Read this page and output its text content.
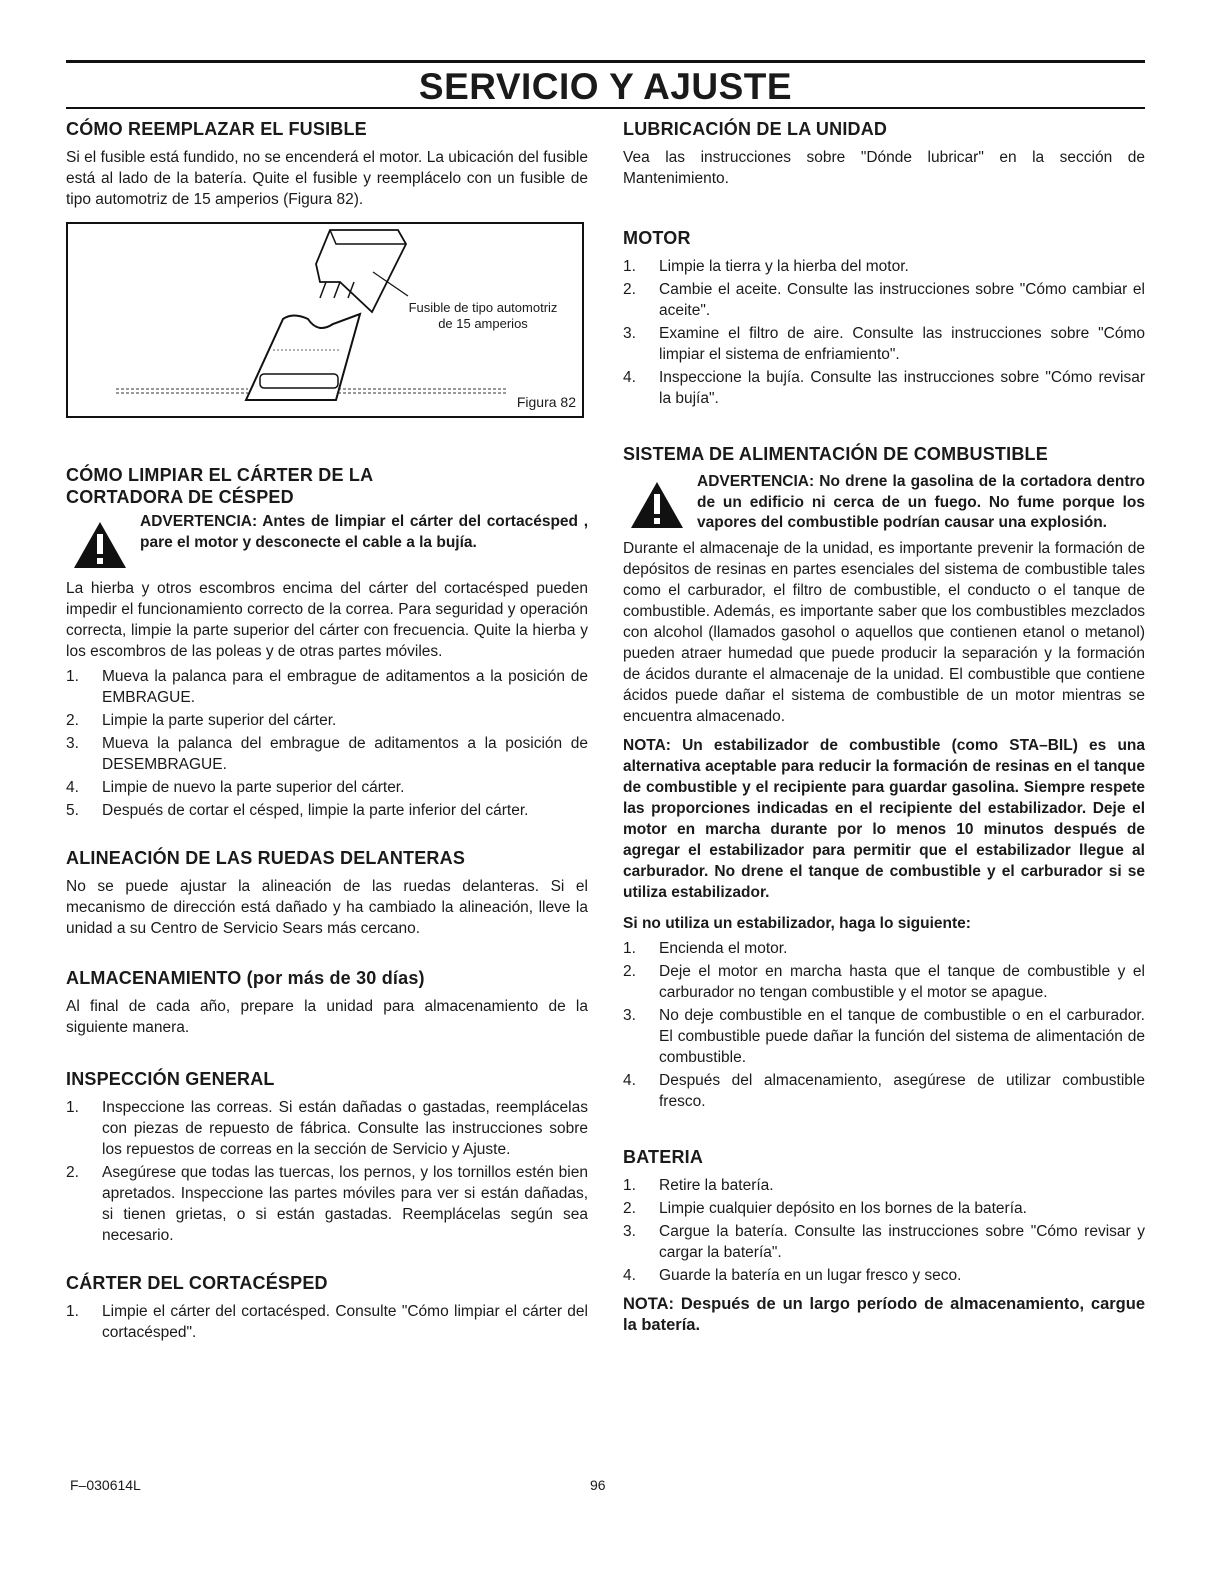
SERVICIO Y AJUSTE
CÓMO REEMPLAZAR EL FUSIBLE

Si el fusible está fundido, no se encenderá el motor. La ubicación del fusible está al lado de la batería. Quite el fusible y reemplácelo con un fusible de tipo automotriz de 15 amperios (Figura 82).

Fusible de tipo automotriz
de 15 amperios
Figura 82
CÓMO LIMPIAR EL CÁRTER DE LA
CORTADORA DE CÉSPED

ADVERTENCIA: Antes de limpiar el cárter del cortacésped , pare el motor y desconecte el cable a la bujía.

La hierba y otros escombros encima del cárter del cortacésped pueden impedir el funcionamiento correcto de la correa. Para seguridad y operación correcta, limpie la parte superior del cárter con frecuencia. Quite la hierba y los escombros de las poleas y de otras partes móviles.

1. Mueva la palanca para el embrague de aditamentos a la posición de EMBRAGUE.
2. Limpie la parte superior del cárter.
3. Mueva la palanca del embrague de aditamentos a la posición de DESEMBRAGUE.
4. Limpie de nuevo la parte superior del cárter.
5. Después de cortar el césped, limpie la parte inferior del cárter.
ALINEACIÓN DE LAS RUEDAS DELANTERAS

No se puede ajustar la alineación de las ruedas delanteras. Si el mecanismo de dirección está dañado y ha cambiado la alineación, lleve la unidad a su Centro de Servicio Sears más cercano.

ALMACENAMIENTO (por más de 30 días)

Al final de cada año, prepare la unidad para almacenamiento de la siguiente manera.

INSPECCIÓN GENERAL
1. Inspeccione las correas. Si están dañadas o gastadas, reemplácelas con piezas de repuesto de fábrica. Consulte las instrucciones sobre los repuestos de correas en la sección de Servicio y Ajuste.
2. Asegúrese que todas las tuercas, los pernos, y los tornillos estén bien apretados. Inspeccione las partes móviles para ver si están dañadas, si tienen grietas, o si están gastadas. Reemplácelas según sea necesario.
CÁRTER DEL CORTACÉSPED
1. Limpie el cárter del cortacésped. Consulte "Cómo limpiar el cárter del cortacésped".
LUBRICACIÓN DE LA UNIDAD

Vea las instrucciones sobre "Dónde lubricar" en la sección de Mantenimiento.

MOTOR
1. Limpie la tierra y la hierba del motor.
2. Cambie el aceite. Consulte las instrucciones sobre "Cómo cambiar el aceite".
3. Examine el filtro de aire. Consulte las instrucciones sobre "Cómo limpiar el sistema de enfriamiento".
4. Inspeccione la bujía. Consulte las instrucciones sobre "Cómo revisar la bujía".
SISTEMA DE ALIMENTACIÓN DE COMBUSTIBLE

ADVERTENCIA: No drene la gasolina de la cortadora dentro de un edificio ni cerca de un fuego. No fume porque los vapores del combustible podrían causar una explosión.

Durante el almacenaje de la unidad, es importante prevenir la formación de depósitos de resinas en partes esenciales del sistema de combustible tales como el carburador, el filtro de combustible, el conducto o el tanque de combustible. Además, es importante saber que los combustibles mezclados con alcohol (llamados gasohol o aquellos que contienen etanol o metanol) pueden atraer humedad que puede producir la separación y la formación de ácidos durante el almacenaje de la unidad. El combustible que contiene ácidos puede dañar el sistema de combustible de un motor mientras se encuentra almacenado.

NOTA: Un estabilizador de combustible (como STA–BIL) es una alternativa aceptable para reducir la formación de resinas en el tanque de combustible y el recipiente para guardar gasolina. Siempre respete las proporciones indicadas en el recipiente del estabilizador. Deje el motor en marcha durante por lo menos 10 minutos después de agregar el estabilizador para permitir que el estabilizador llegue al carburador. No drene el tanque de combustible y el carburador si se utiliza estabilizador.

Si no utiliza un estabilizador, haga lo siguiente:

1. Encienda el motor.
2. Deje el motor en marcha hasta que el tanque de combustible y el carburador no tengan combustible y el motor se apague.
3. No deje combustible en el tanque de combustible o en el carburador. El combustible puede dañar la función del sistema de alimentación de combustible.
4. Después del almacenamiento, asegúrese de utilizar combustible fresco.
BATERIA
1. Retire la batería.
2. Limpie cualquier depósito en los bornes de la batería.
3. Cargue la batería. Consulte las instrucciones sobre "Cómo revisar y cargar la batería".
4. Guarde la batería en un lugar fresco y seco.

NOTA: Después de un largo período de almacenamiento, cargue la batería.

F–030614L	96
